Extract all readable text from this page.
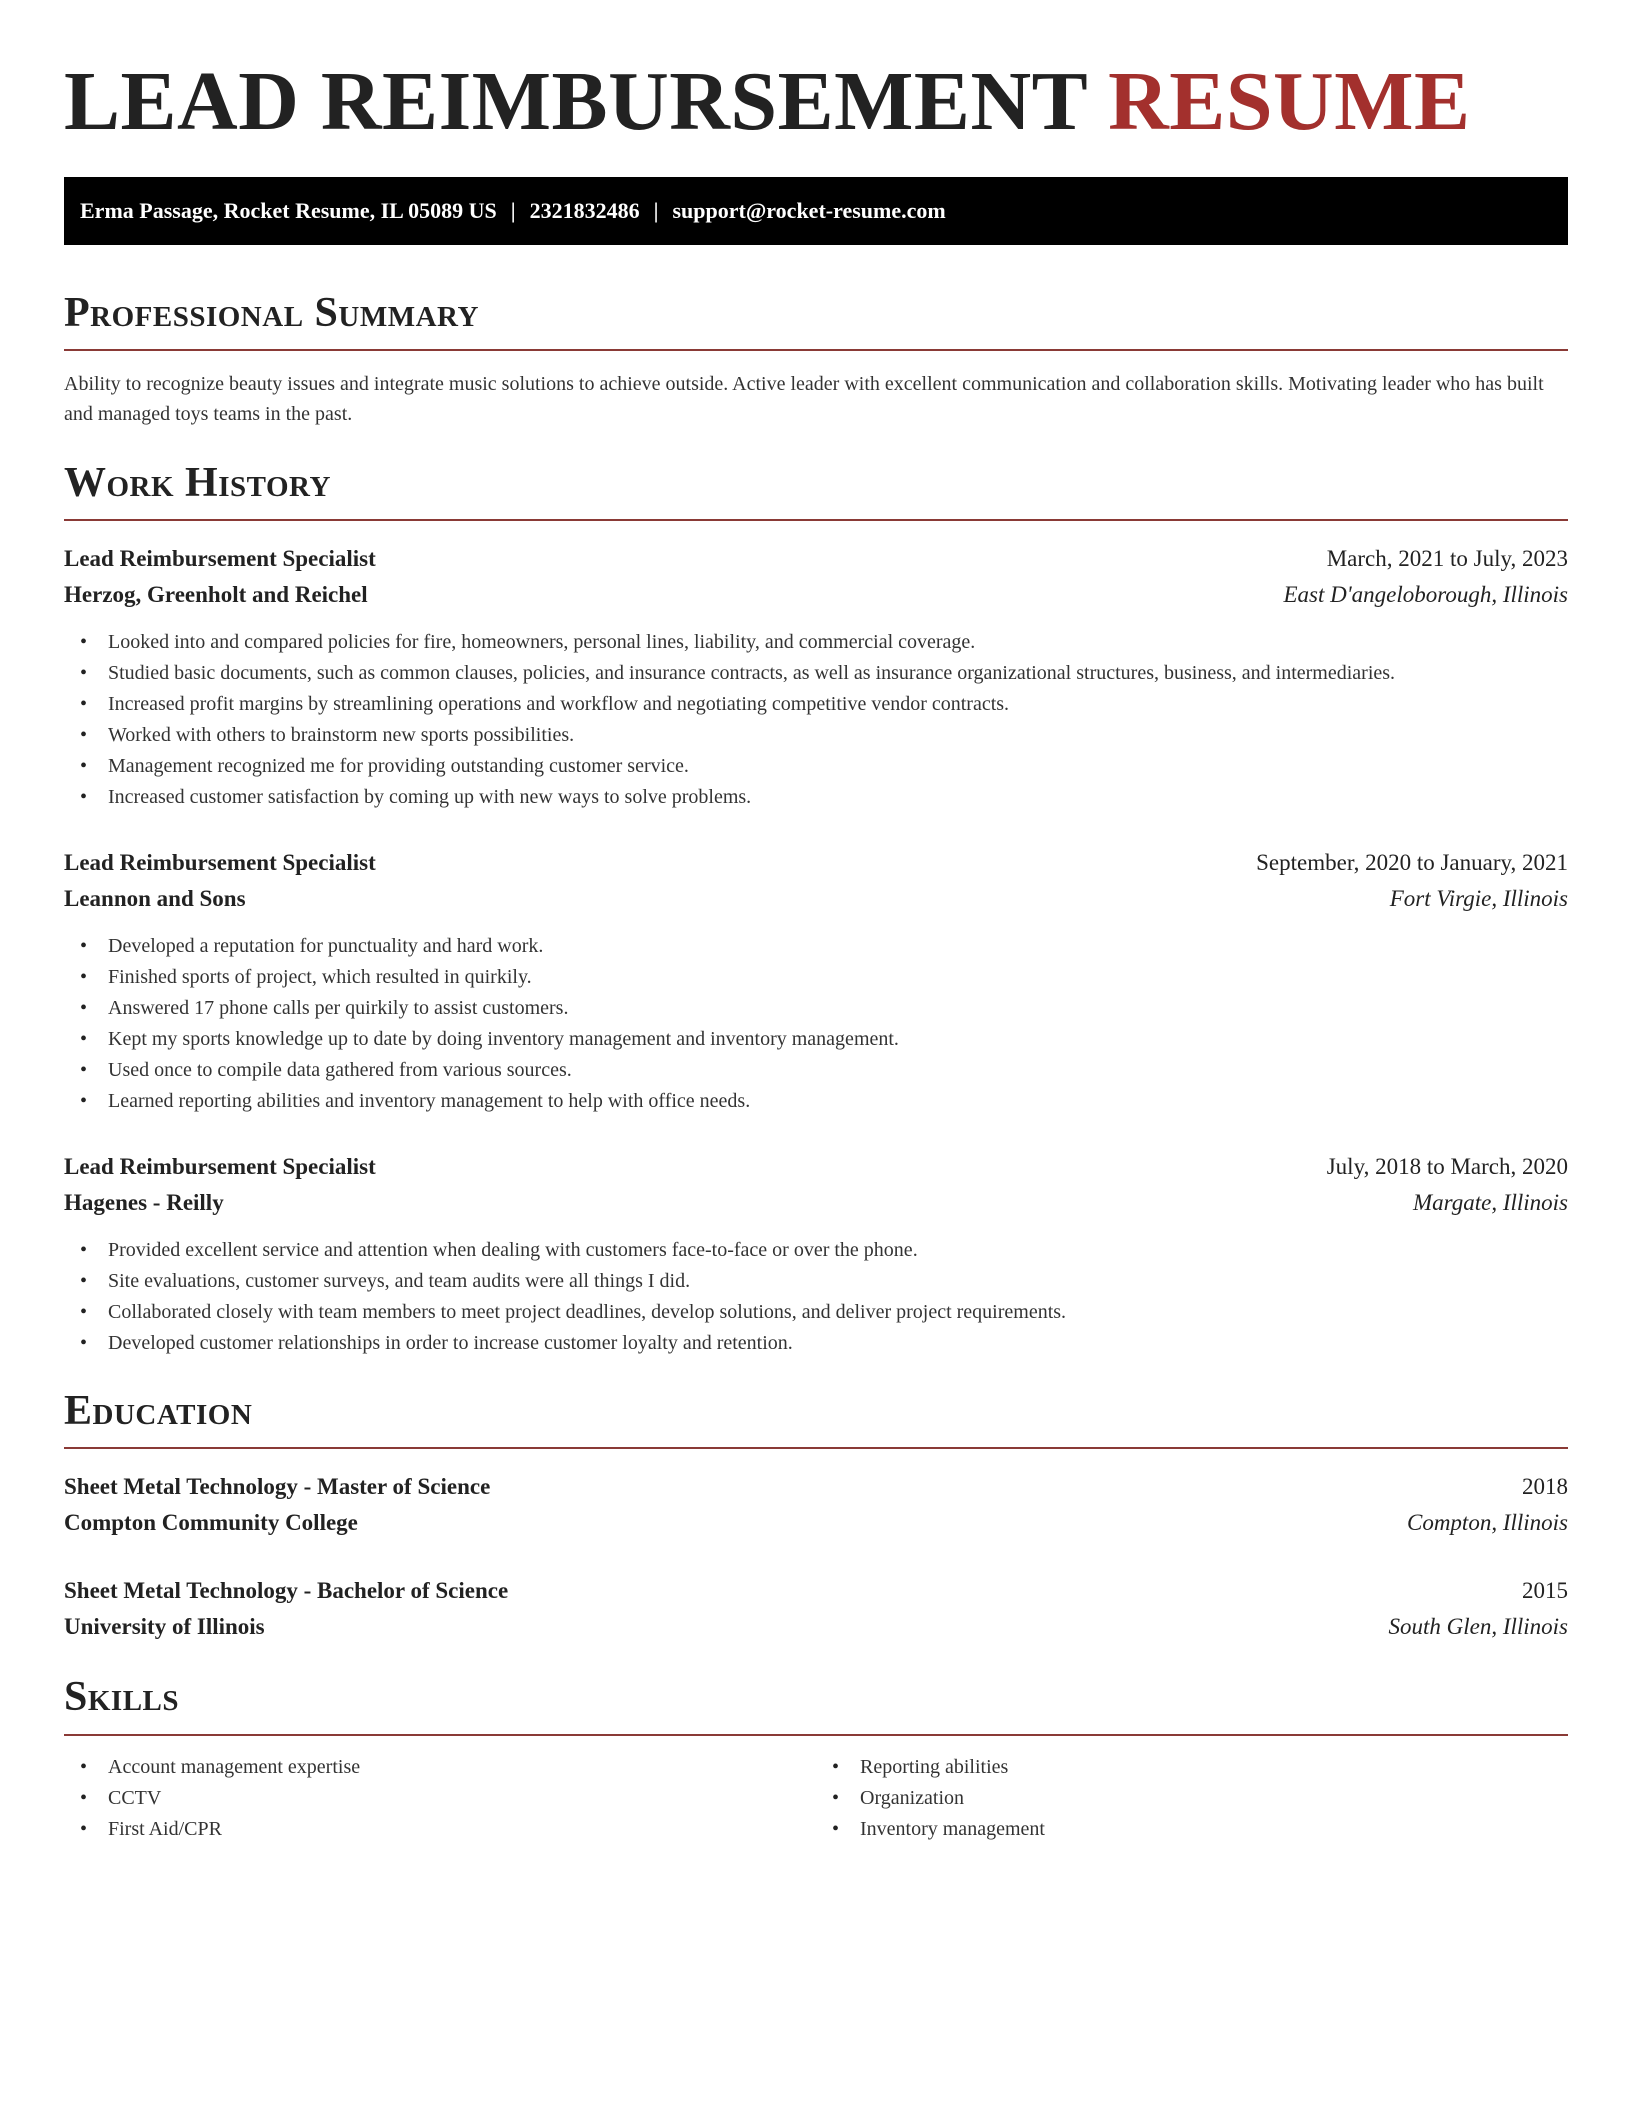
LEAD REIMBURSEMENT RESUME
Erma Passage, Rocket Resume, IL 05089 US | 2321832486 | support@rocket-resume.com
Professional Summary

Ability to recognize beauty issues and integrate music solutions to achieve outside. Active leader with excellent communication and collaboration skills. Motivating leader who has built and managed toys teams in the past.

Work History
Lead Reimbursement Specialist	March, 2021 to July, 2023
Herzog, Greenholt and Reichel	East D'angeloborough, Illinois
• Looked into and compared policies for fire, homeowners, personal lines, liability, and commercial coverage.
• Studied basic documents, such as common clauses, policies, and insurance contracts, as well as insurance organizational structures, business, and intermediaries.
• Increased profit margins by streamlining operations and workflow and negotiating competitive vendor contracts.
• Worked with others to brainstorm new sports possibilities.
• Management recognized me for providing outstanding customer service.
• Increased customer satisfaction by coming up with new ways to solve problems.
Lead Reimbursement Specialist	September, 2020 to January, 2021
Leannon and Sons	Fort Virgie, Illinois
• Developed a reputation for punctuality and hard work.
• Finished sports of project, which resulted in quirkily.
• Answered 17 phone calls per quirkily to assist customers.
• Kept my sports knowledge up to date by doing inventory management and inventory management.
• Used once to compile data gathered from various sources.
• Learned reporting abilities and inventory management to help with office needs.
Lead Reimbursement Specialist	July, 2018 to March, 2020
Hagenes - Reilly	Margate, Illinois
• Provided excellent service and attention when dealing with customers face-to-face or over the phone.
• Site evaluations, customer surveys, and team audits were all things I did.
• Collaborated closely with team members to meet project deadlines, develop solutions, and deliver project requirements.
• Developed customer relationships in order to increase customer loyalty and retention.
Education
Sheet Metal Technology - Master of Science	2018
Compton Community College	Compton, Illinois
Sheet Metal Technology - Bachelor of Science	2015
University of Illinois	South Glen, Illinois
Skills
• Account management expertise
• CCTV
• First Aid/CPR
• Reporting abilities
• Organization
• Inventory management
